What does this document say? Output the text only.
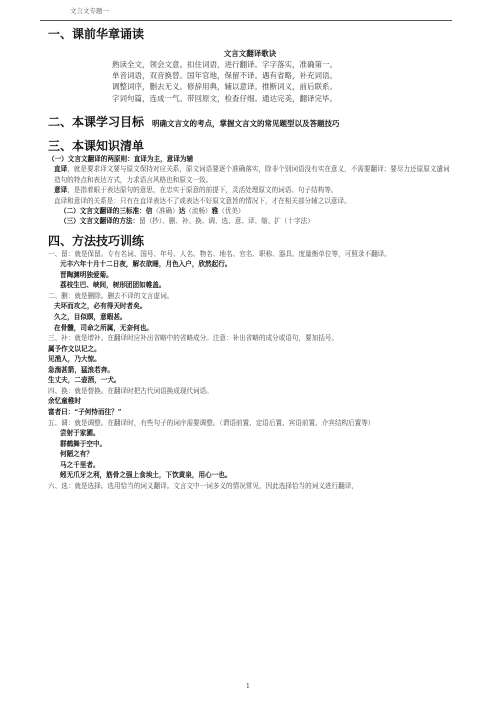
文言文专题一
一、课前华章诵读
文言文翻译歌诀
熟读全文，领会文意。扣住词语，进行翻译。字字落实，准确第一。
单音词语，双音换替。国年官地，保留不译。遇有省略，补充词语。
调整词序，删去无义。修辞用典，辅以意译。推断词义，前后联系。
字词句篇，连成一气。带回原文，检查仔细。通达完美，翻译完毕。
二、本课学习目标 明确文言文的考点，掌握文言文的常见题型以及答题技巧
三、本课知识清单
（一）文言文翻译的两原则：直译为主，意译为辅

直译，就是要求译文要与原文保持对应关系，原文词语要逐个准确落实，除非个别词语没有实在意义，不需要翻译；要尽力还原原文遣词造句的特点和表达方式，力求语言风格也和原文一致。

意译，是指着眼于表达原句的意思，在忠实于原意的前提下，灵活处理原文的词语、句子结构等。

直译和意译的关系是：只有在直译表达不了或表达不好原文意旨的情况下，才在相关部分辅之以意译。

（二）文言文翻译的三标准：信（准确）达（流畅）雅（优美）

（三）文言文翻译的方法：留（抄）、删、补、换、调、选、意、译、缩、扩（十字法）

四、方法技巧训练

一、留：就是保留。专有名词、国号、年号、人名、物名、地名、官名、职称、器具、度量衡单位等，可照录不翻译。

元丰六年十月十二日夜，解衣欲睡，月色入户，欣然起行。
晋陶渊明独爱菊。
荔枝生巴、峡间，树形团团如帷盖。

二、删：就是删除。删去不译的文言虚词。

夫环而攻之，必有得天时者矣。
久之，目似瞑，意暇甚。
在骨髓，司命之所属，无奈何也。

三、补：就是增补。在翻译时应补出省略中的省略成分。注意：补出省略的成分或语句，要加括号。

属予作文以记之。
见渔人，乃大惊。
急湍甚箭，猛浪若奔。
生丈夫，二壶酒，一犬。

四、换：就是替换。在翻译时把古代词语换成现代词语。

余忆童稚时
富者曰：“子何恃而往？”

五、调：就是调整。在翻译时，有些句子的词序需要调整。（谓语前置、定语后置、宾语前置、介宾结构后置等）

尝射于家圃。
群鹤舞于空中。
何陋之有？
马之千里者。
蚓无爪牙之利，筋骨之强上食埃土，下饮黄泉，用心一也。

六、选：就是选择。选用恰当的词义翻译。文言文中一词多义的情况常见，因此选择恰当的词义进行翻译，

1
